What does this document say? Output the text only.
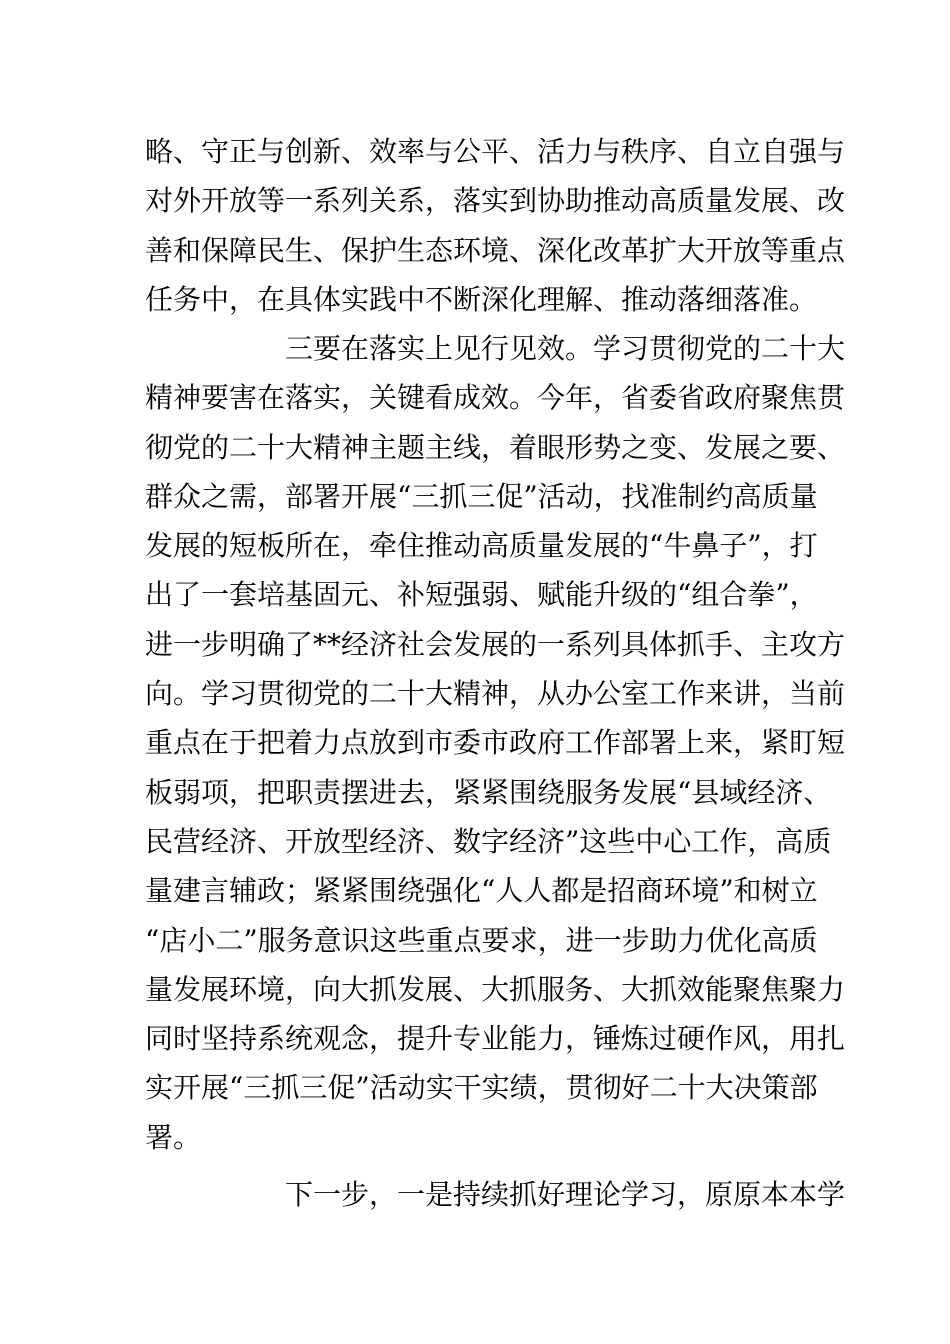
略、守正与创新、效率与公平、活力与秩序、自立自强与
对外开放等一系列关系，落实到协助推动高质量发展、改
善和保障民生、保护生态环境、深化改革扩大开放等重点
任务中，在具体实践中不断深化理解、推动落细落准。
三要在落实上见行见效。学习贯彻党的二十大
精神要害在落实，关键看成效。今年，省委省政府聚焦贯
彻党的二十大精神主题主线，着眼形势之变、发展之要、
群众之需，部署开展“三抓三促”活动，找准制约高质量
发展的短板所在，牵住推动高质量发展的“牛鼻子”，打
出了一套培基固元、补短强弱、赋能升级的“组合拳”，
进一步明确了**经济社会发展的一系列具体抓手、主攻方
向。学习贯彻党的二十大精神，从办公室工作来讲，当前
重点在于把着力点放到市委市政府工作部署上来，紧盯短
板弱项，把职责摆进去，紧紧围绕服务发展“县域经济、
民营经济、开放型经济、数字经济”这些中心工作，高质
量建言辅政；紧紧围绕强化“人人都是招商环境”和树立
“店小二”服务意识这些重点要求，进一步助力优化高质
量发展环境，向大抓发展、大抓服务、大抓效能聚焦聚力
同时坚持系统观念，提升专业能力，锤炼过硬作风，用扎
实开展“三抓三促”活动实干实绩，贯彻好二十大决策部
署。
下一步，一是持续抓好理论学习，原原本本学
